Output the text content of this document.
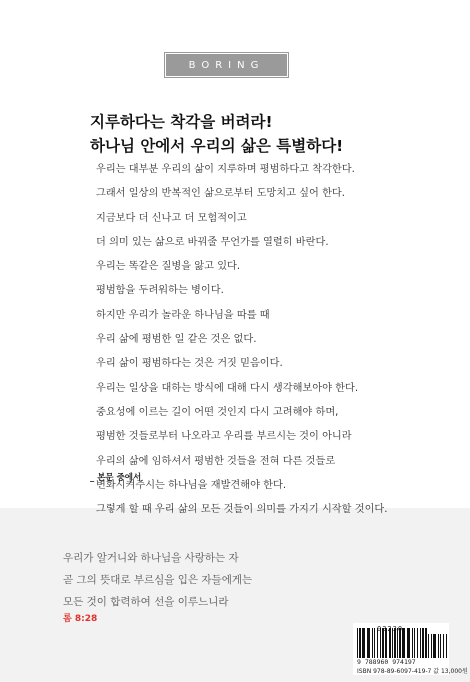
BORING
지루하다는 착각을 버려라!
하나님 안에서 우리의 삶은 특별하다!
우리는 대부분 우리의 삶이 지루하며 평범하다고 착각한다.
그래서 일상의 반복적인 삶으로부터 도망치고 싶어 한다.
지금보다 더 신나고 더 모험적이고
더 의미 있는 삶으로 바꿔줄 무언가를 열렬히 바란다.
우리는 똑같은 질병을 앓고 있다.
평범함을 두려워하는 병이다.
하지만 우리가 놀라운 하나님을 따를 때
우리 삶에 평범한 일 같은 것은 없다.
우리 삶이 평범하다는 것은 거짓 믿음이다.
우리는 일상을 대하는 방식에 대해 다시 생각해보아야 한다.
중요성에 이르는 길이 어떤 것인지 다시 고려해야 하며,
평범한 것들로부터 나오라고 우리를 부르시는 것이 아니라
우리의 삶에 임하셔서 평범한 것들을 전혀 다른 것들로
변화시켜주시는 하나님을 재발견해야 한다.
그렇게 할 때 우리 삶의 모든 것들이 의미를 가지기 시작할 것이다.
_ 본문 중에서
우리가 알거니와 하나님을 사랑하는 자
곧 그의 뜻대로 부르심을 입은 자들에게는
모든 것이 합력하여 선을 이루느니라
롬 8:28
9 788960 974197
ISBN 978-89-6097-419-7 값 13,000원
